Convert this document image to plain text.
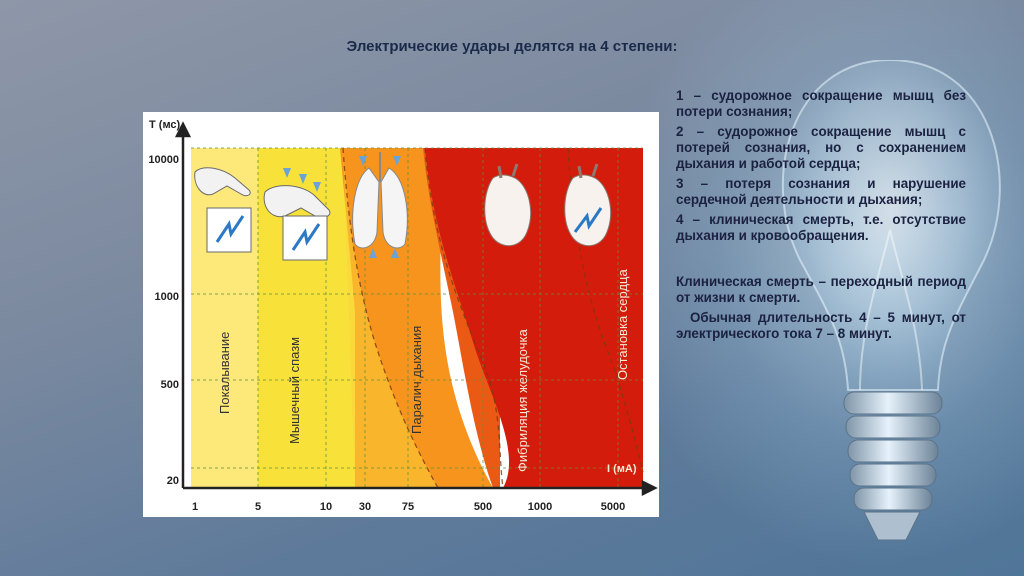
Электрические удары делятся на 4 степени:
Т (мс)
I (мА)
10000
1000
500
20
1	5	10 30	75	500	1000	5000
Покалывание	Мышечный спазм	Паралич дыхания	Фибриляция желудочка
Остановка сердца

1 – судорожное сокращение мышц без потери сознания;

2 – судорожное сокращение мышц с потерей сознания, но с сохранением дыхания и работой сердца;

3 – потеря сознания и нарушение сердечной деятельности и дыхания;

4 – клиническая смерть, т.е. отсутствие дыхания и кровообращения.

Клиническая смерть – переходный период от жизни к смерти.

Обычная длительность 4 – 5 минут, от электрического тока 7 – 8 минут.
